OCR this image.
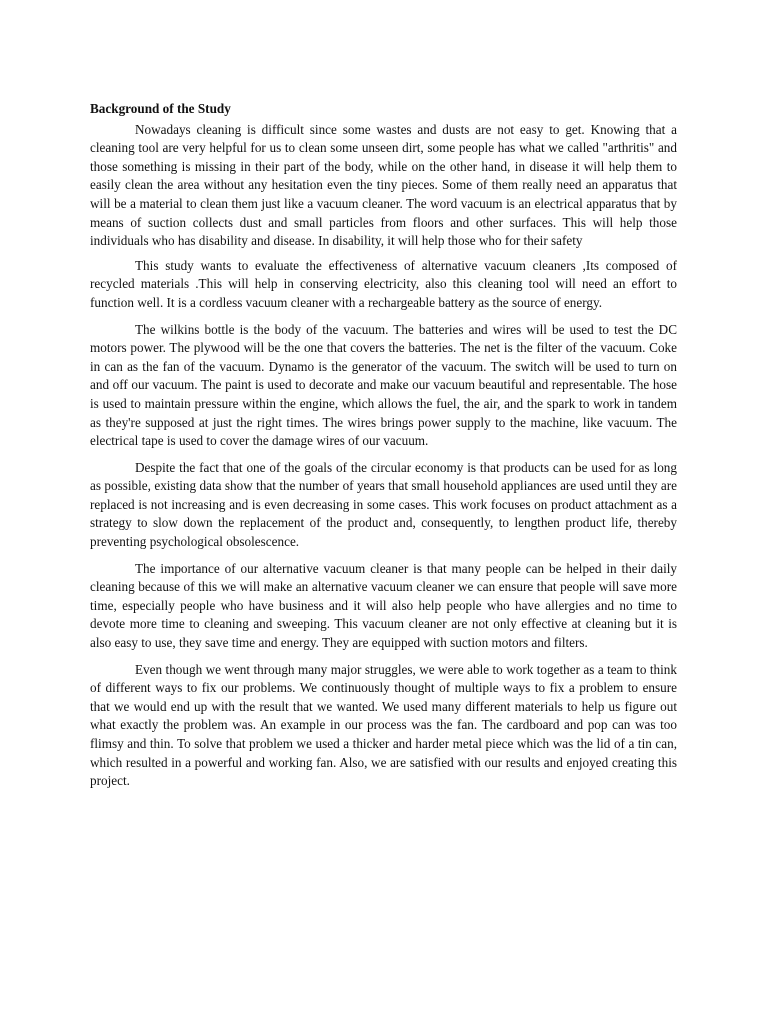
Background of the Study

Nowadays cleaning is difficult since some wastes and dusts are not easy to get. Knowing that a cleaning tool are very helpful for us to clean some unseen dirt, some people has what we called "arthritis" and those something is missing in their part of the body, while on the other hand, in disease it will help them to easily clean the area without any hesitation even the tiny pieces. Some of them really need an apparatus that will be a material to clean them just like a vacuum cleaner. The word vacuum is an electrical apparatus that by means of suction collects dust and small particles from floors and other surfaces. This will help those individuals who has disability and disease. In disability, it will help those who for their safety

This study wants to evaluate the effectiveness of alternative vacuum cleaners ,Its composed of recycled materials .This will help in conserving electricity, also this cleaning tool will need an effort to function well. It is a cordless vacuum cleaner with a rechargeable battery as the source of energy.

The wilkins bottle is the body of the vacuum. The batteries and wires will be used to test the DC motors power. The plywood will be the one that covers the batteries. The net is the filter of the vacuum. Coke in can as the fan of the vacuum. Dynamo is the generator of the vacuum. The switch will be used to turn on and off our vacuum. The paint is used to decorate and make our vacuum beautiful and representable. The hose is used to maintain pressure within the engine, which allows the fuel, the air, and the spark to work in tandem as they're supposed at just the right times. The wires brings power supply to the machine, like vacuum. The electrical tape is used to cover the damage wires of our vacuum.

Despite the fact that one of the goals of the circular economy is that products can be used for as long as possible, existing data show that the number of years that small household appliances are used until they are replaced is not increasing and is even decreasing in some cases. This work focuses on product attachment as a strategy to slow down the replacement of the product and, consequently, to lengthen product life, thereby preventing psychological obsolescence.

The importance of our alternative vacuum cleaner is that many people can be helped in their daily cleaning because of this we will make an alternative vacuum cleaner we can ensure that people will save more time, especially people who have business and it will also help people who have allergies and no time to devote more time to cleaning and sweeping. This vacuum cleaner are not only effective at cleaning but it is also easy to use, they save time and energy. They are equipped with suction motors and filters.

Even though we went through many major struggles, we were able to work together as a team to think of different ways to fix our problems. We continuously thought of multiple ways to fix a problem to ensure that we would end up with the result that we wanted. We used many different materials to help us figure out what exactly the problem was. An example in our process was the fan. The cardboard and pop can was too flimsy and thin. To solve that problem we used a thicker and harder metal piece which was the lid of a tin can, which resulted in a powerful and working fan. Also, we are satisfied with our results and enjoyed creating this project.
